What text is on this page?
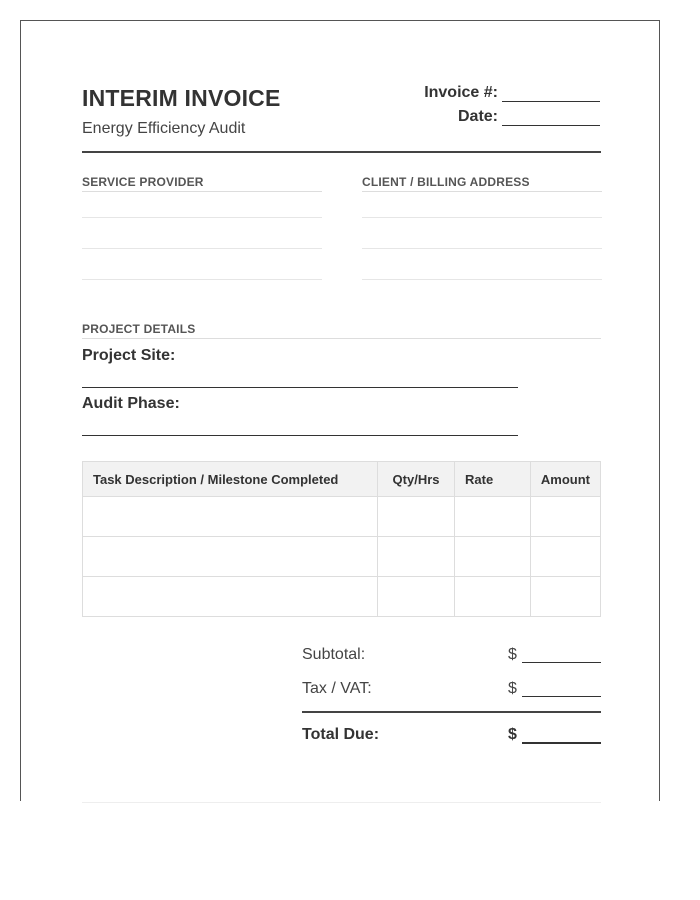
INTERIM INVOICE
Energy Efficiency Audit
Invoice #:
Date:
SERVICE PROVIDER	CLIENT / BILLING ADDRESS
PROJECT DETAILS
Project Site:
Audit Phase:
Task Description / Milestone Completed	Qty/Hrs	Rate	Amount

Subtotal:	$
Tax / VAT:	$
Total Due:	$
